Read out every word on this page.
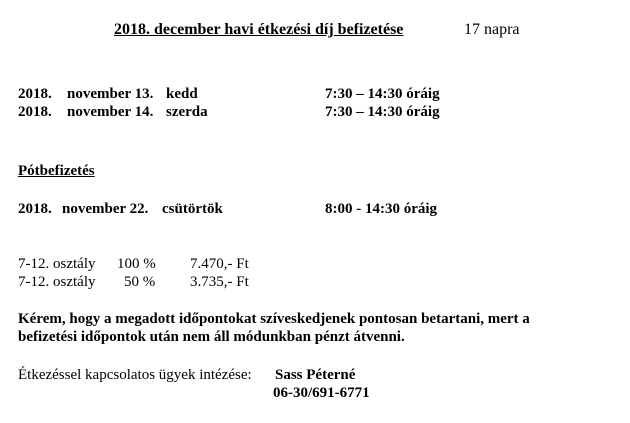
2018. december havi étkezési díj befizetése	17 napra
2018. november 13. kedd	7:30 – 14:30 óráig
2018. november 14. szerda	7:30 – 14:30 óráig
Pótbefizetés
2018. november 22. csütörtök	8:00 - 14:30 óráig
7-12. osztály 100 % 7.470,- Ft
7-12. osztály 50 % 3.735,- Ft
Kérem, hogy a megadott időpontokat szíveskedjenek pontosan betartani, mert a
befizetési időpontok után nem áll módunkban pénzt átvenni.
Étkezéssel kapcsolatos ügyek intézése: Sass Péterné
06-30/691-6771
